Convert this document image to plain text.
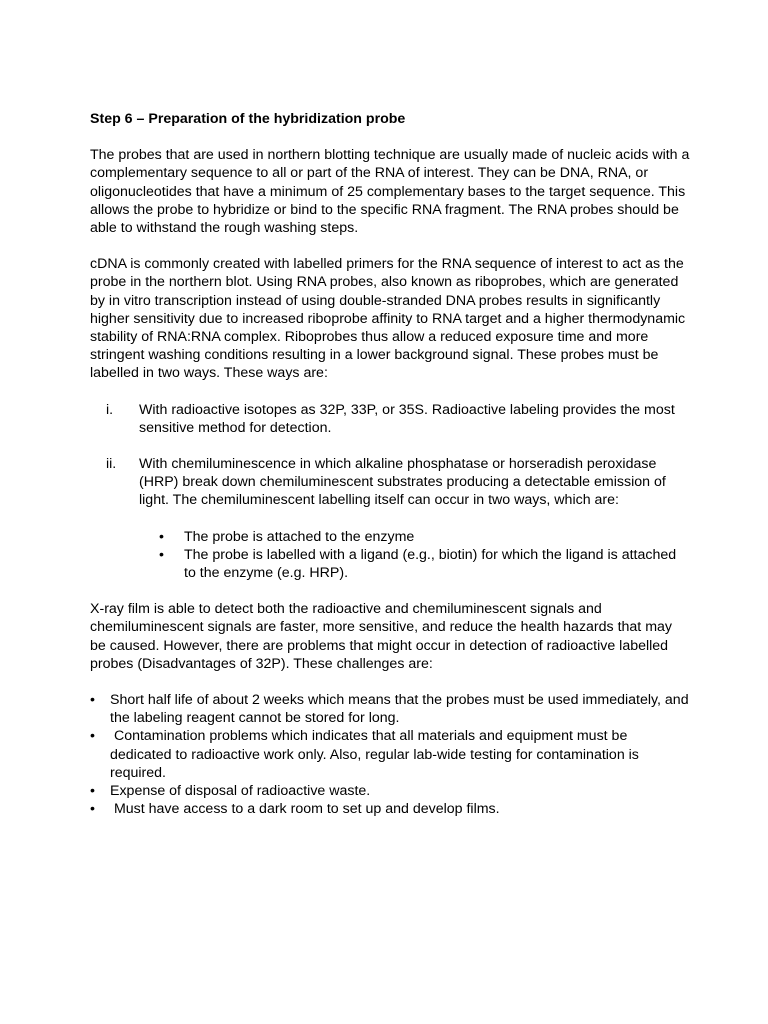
Step 6 – Preparation of the hybridization probe

The probes that are used in northern blotting technique are usually made of nucleic acids with a complementary sequence to all or part of the RNA of interest. They can be DNA, RNA, or oligonucleotides that have a minimum of 25 complementary bases to the target sequence. This allows the probe to hybridize or bind to the specific RNA fragment. The RNA probes should be able to withstand the rough washing steps.

cDNA is commonly created with labelled primers for the RNA sequence of interest to act as the probe in the northern blot. Using RNA probes, also known as riboprobes, which are generated by in vitro transcription instead of using double-stranded DNA probes results in significantly higher sensitivity due to increased riboprobe affinity to RNA target and a higher thermodynamic stability of RNA:RNA complex. Riboprobes thus allow a reduced exposure time and more stringent washing conditions resulting in a lower background signal. These probes must be labelled in two ways. These ways are:

i.	With radioactive isotopes as 32P, 33P, or 35S. Radioactive labeling provides the most sensitive method for detection.
ii.	With chemiluminescence in which alkaline phosphatase or horseradish peroxidase (HRP) break down chemiluminescent substrates producing a detectable emission of light. The chemiluminescent labelling itself can occur in two ways, which are:
• The probe is attached to the enzyme
• The probe is labelled with a ligand (e.g., biotin) for which the ligand is attached to the enzyme (e.g. HRP).

X-ray film is able to detect both the radioactive and chemiluminescent signals and chemiluminescent signals are faster, more sensitive, and reduce the health hazards that may be caused. However, there are problems that might occur in detection of radioactive labelled probes (Disadvantages of 32P). These challenges are:

• Short half life of about 2 weeks which means that the probes must be used immediately, and the labeling reagent cannot be stored for long.
• Contamination problems which indicates that all materials and equipment must be dedicated to radioactive work only. Also, regular lab-wide testing for contamination is required.
• Expense of disposal of radioactive waste.
• Must have access to a dark room to set up and develop films.
